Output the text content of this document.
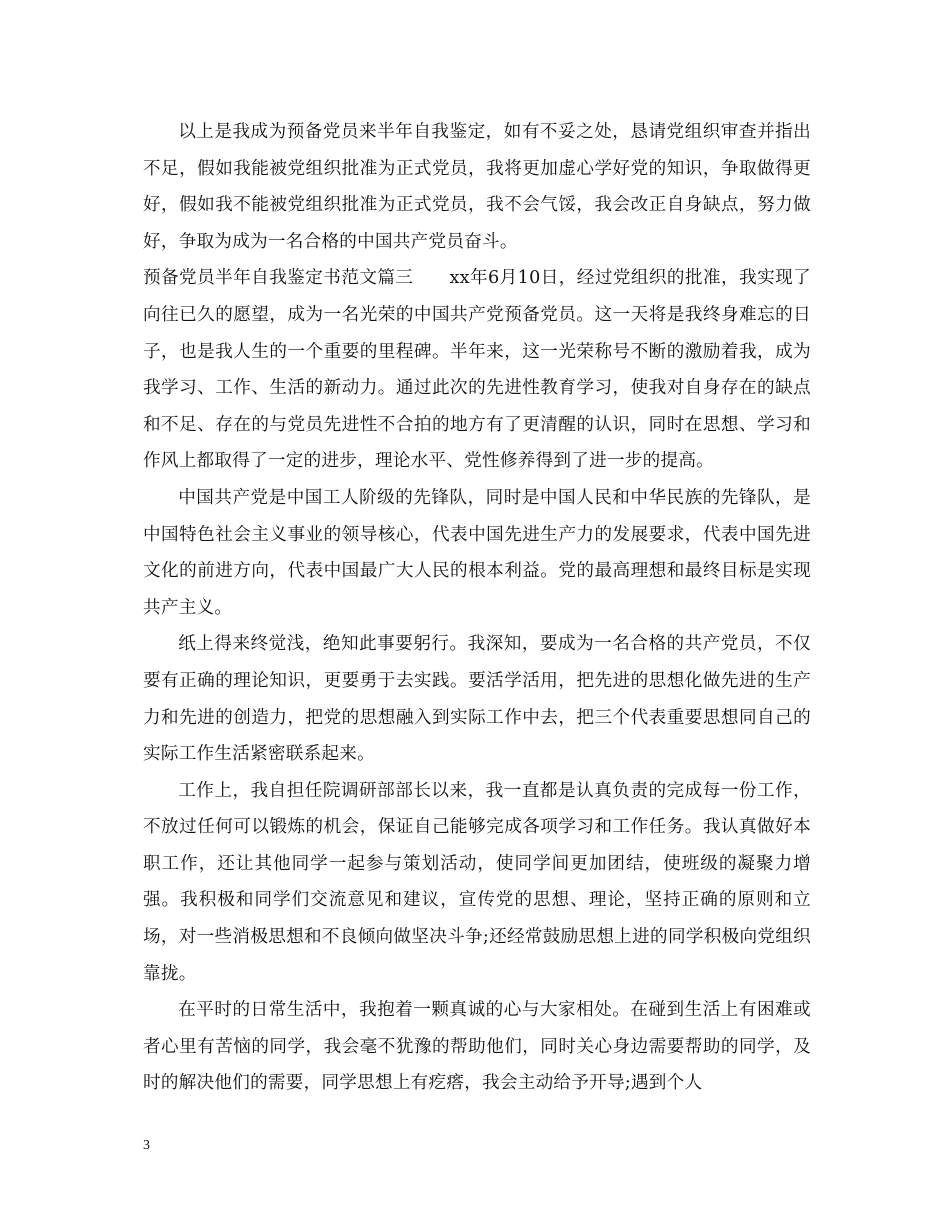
以上是我成为预备党员来半年自我鉴定，如有不妥之处，恳请党组织审查并指出不足，假如我能被党组织批准为正式党员，我将更加虚心学好党的知识，争取做得更好，假如我不能被党组织批准为正式党员，我不会气馁，我会改正自身缺点，努力做好，争取为成为一名合格的中国共产党员奋斗。

预备党员半年自我鉴定书范文篇三 xx年6月10日，经过党组织的批准，我实现了向往已久的愿望，成为一名光荣的中国共产党预备党员。这一天将是我终身难忘的日子，也是我人生的一个重要的里程碑。半年来，这一光荣称号不断的激励着我，成为我学习、工作、生活的新动力。通过此次的先进性教育学习，使我对自身存在的缺点和不足、存在的与党员先进性不合拍的地方有了更清醒的认识，同时在思想、学习和作风上都取得了一定的进步，理论水平、党性修养得到了进一步的提高。

中国共产党是中国工人阶级的先锋队，同时是中国人民和中华民族的先锋队，是中国特色社会主义事业的领导核心，代表中国先进生产力的发展要求，代表中国先进文化的前进方向，代表中国最广大人民的根本利益。党的最高理想和最终目标是实现共产主义。

纸上得来终觉浅，绝知此事要躬行。我深知，要成为一名合格的共产党员，不仅要有正确的理论知识，更要勇于去实践。要活学活用，把先进的思想化做先进的生产力和先进的创造力，把党的思想融入到实际工作中去，把三个代表重要思想同自己的实际工作生活紧密联系起来。

工作上，我自担任院调研部部长以来，我一直都是认真负责的完成每一份工作，不放过任何可以锻炼的机会，保证自己能够完成各项学习和工作任务。我认真做好本职工作，还让其他同学一起参与策划活动，使同学间更加团结，使班级的凝聚力增强。我积极和同学们交流意见和建议，宣传党的思想、理论，坚持正确的原则和立场，对一些消极思想和不良倾向做坚决斗争;还经常鼓励思想上进的同学积极向党组织靠拢。

在平时的日常生活中，我抱着一颗真诚的心与大家相处。在碰到生活上有困难或者心里有苦恼的同学，我会毫不犹豫的帮助他们，同时关心身边需要帮助的同学，及时的解决他们的需要，同学思想上有疙瘩，我会主动给予开导;遇到个人

3
